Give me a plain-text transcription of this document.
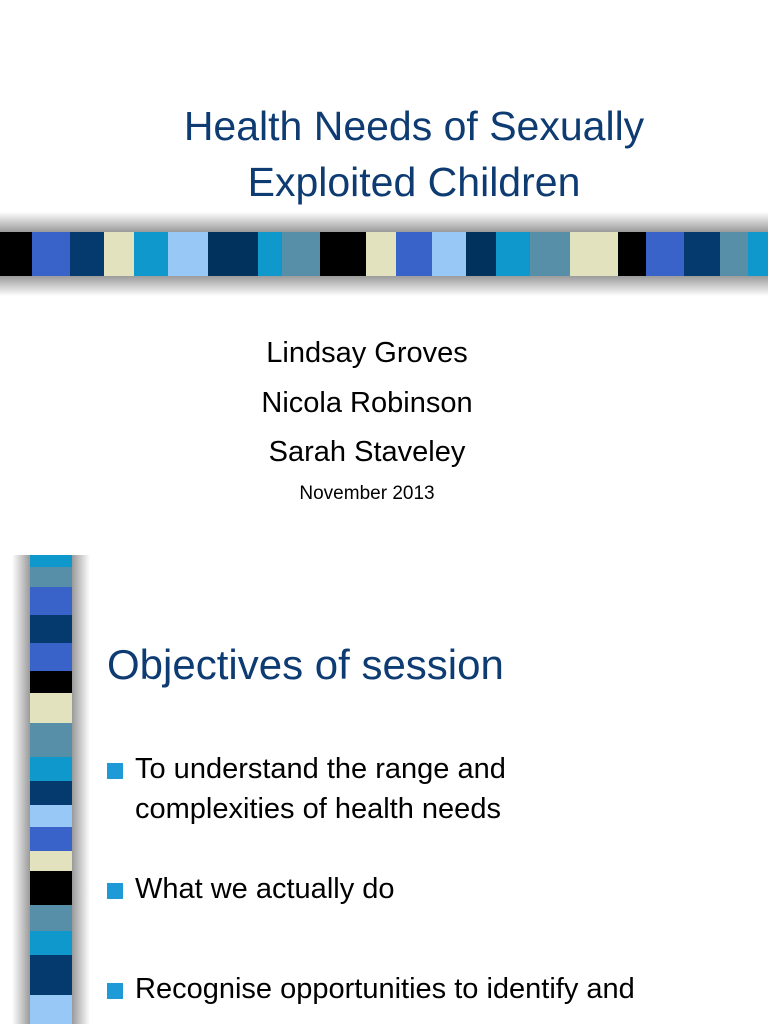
Health Needs of Sexually
Exploited Children
Lindsay Groves
Nicola Robinson
Sarah Staveley
November 2013
Objectives of session
To understand the range and
complexities of health needs
What we actually do
Recognise opportunities to identify and
